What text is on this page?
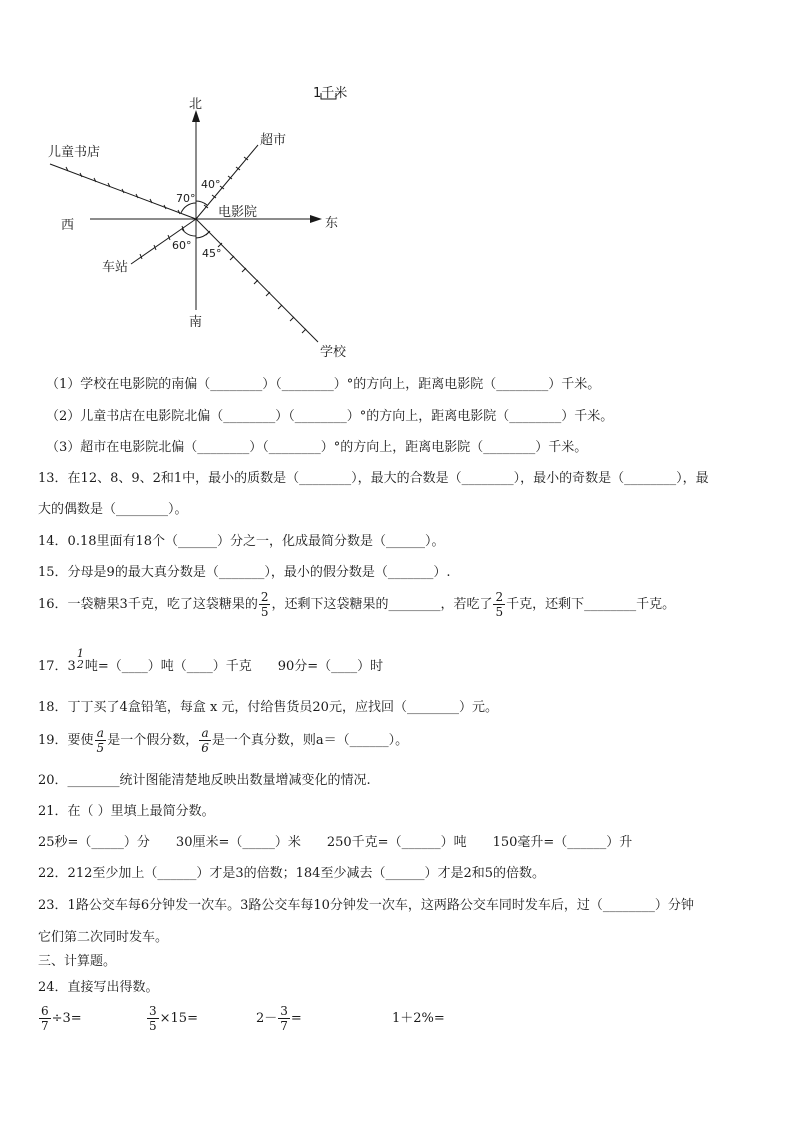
1千米
北
南
东
西
电影院
超市
儿童书店
车站
学校
40°
70°
60°
45°
（1）学校在电影院的南偏（________）（________）°的方向上，距离电影院（________）千米。
（2）儿童书店在电影院北偏（________）（________）°的方向上，距离电影院（________）千米。
（3）超市在电影院北偏（________）（________）°的方向上，距离电影院（________）千米。
13．在12、8、9、2和1中，最小的质数是（________），最大的合数是（________），最小的奇数是（________），最
大的偶数是（________）。
14．0.18里面有18个（______）分之一，化成最简分数是（______）。
15．分母是9的最大真分数是（_______），最小的假分数是（_______）.
16．一袋糖果3千克，吃了这袋糖果的 $\frac{2}{5}$ ，还剩下这袋糖果的________，若吃了 $\frac{2}{5}$ 千克，还剩下________千克。
17．3
1
2 吨=（____）吨（____）千克　　90分=（____）时
18．丁丁买了4盒铅笔，每盒 x 元，付给售货员20元，应找回（________）元。
19．要使 $\frac{a}{5}$ 是一个假分数， $\frac{a}{6}$ 是一个真分数，则a＝（______）。
20．________统计图能清楚地反映出数量增减变化的情况.
21．在（ ）里填上最简分数。
25秒=（_____）分　　30厘米=（_____）米　　250千克=（______）吨　　150毫升=（______）升
22．212至少加上（______）才是3的倍数；184至少减去（______）才是2和5的倍数。
23．1路公交车每6分钟发一次车。3路公交车每10分钟发一次车，这两路公交车同时发车后，过（________）分钟
它们第二次同时发车。
三、计算题。
24．直接写出得数。
$\frac{6}{7} \div 3=$	$\frac{3}{5} \times 15=$	$2- \frac{3}{7}$ =	1＋2%=
